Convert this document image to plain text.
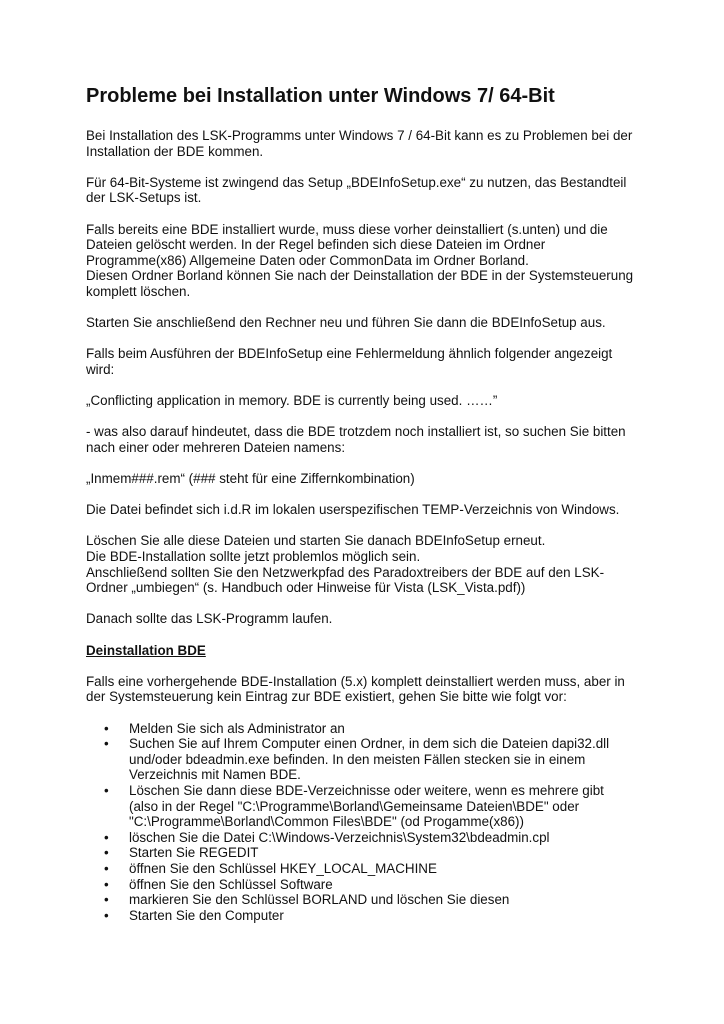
Probleme bei Installation unter Windows 7/ 64-Bit

Bei Installation des LSK-Programms unter Windows 7 / 64-Bit kann es zu Problemen bei der
Installation der BDE kommen.

Für 64-Bit-Systeme ist zwingend das Setup „BDEInfoSetup.exe“ zu nutzen, das Bestandteil
der LSK-Setups ist.

Falls bereits eine BDE installiert wurde, muss diese vorher deinstalliert (s.unten) und die
Dateien gelöscht werden. In der Regel befinden sich diese Dateien im Ordner
Programme(x86) Allgemeine Daten oder CommonData im Ordner Borland.
Diesen Ordner Borland können Sie nach der Deinstallation der BDE in der Systemsteuerung
komplett löschen.

Starten Sie anschließend den Rechner neu und führen Sie dann die BDEInfoSetup aus.

Falls beim Ausführen der BDEInfoSetup eine Fehlermeldung ähnlich folgender angezeigt
wird:

„Conflicting application in memory. BDE is currently being used. ……”

- was also darauf hindeutet, dass die BDE trotzdem noch installiert ist, so suchen Sie bitten
nach einer oder mehreren Dateien namens:

„Inmem###.rem“ (### steht für eine Ziffernkombination)

Die Datei befindet sich i.d.R im lokalen userspezifischen TEMP-Verzeichnis von Windows.

Löschen Sie alle diese Dateien und starten Sie danach BDEInfoSetup erneut.
Die BDE-Installation sollte jetzt problemlos möglich sein.
Anschließend sollten Sie den Netzwerkpfad des Paradoxtreibers der BDE auf den LSK-
Ordner „umbiegen“ (s. Handbuch oder Hinweise für Vista (LSK_Vista.pdf))

Danach sollte das LSK-Programm laufen.

Deinstallation BDE

Falls eine vorhergehende BDE-Installation (5.x) komplett deinstalliert werden muss, aber in
der Systemsteuerung kein Eintrag zur BDE existiert, gehen Sie bitte wie folgt vor:

• Melden Sie sich als Administrator an
• Suchen Sie auf Ihrem Computer einen Ordner, in dem sich die Dateien dapi32.dll
und/oder bdeadmin.exe befinden. In den meisten Fällen stecken sie in einem
Verzeichnis mit Namen BDE.
• Löschen Sie dann diese BDE-Verzeichnisse oder weitere, wenn es mehrere gibt
(also in der Regel "C:\Programme\Borland\Gemeinsame Dateien\BDE" oder
"C:\Programme\Borland\Common Files\BDE" (od Progamme(x86))
• löschen Sie die Datei C:\Windows-Verzeichnis\System32\bdeadmin.cpl
• Starten Sie REGEDIT
• öffnen Sie den Schlüssel HKEY_LOCAL_MACHINE
• öffnen Sie den Schlüssel Software
• markieren Sie den Schlüssel BORLAND und löschen Sie diesen
• Starten Sie den Computer
